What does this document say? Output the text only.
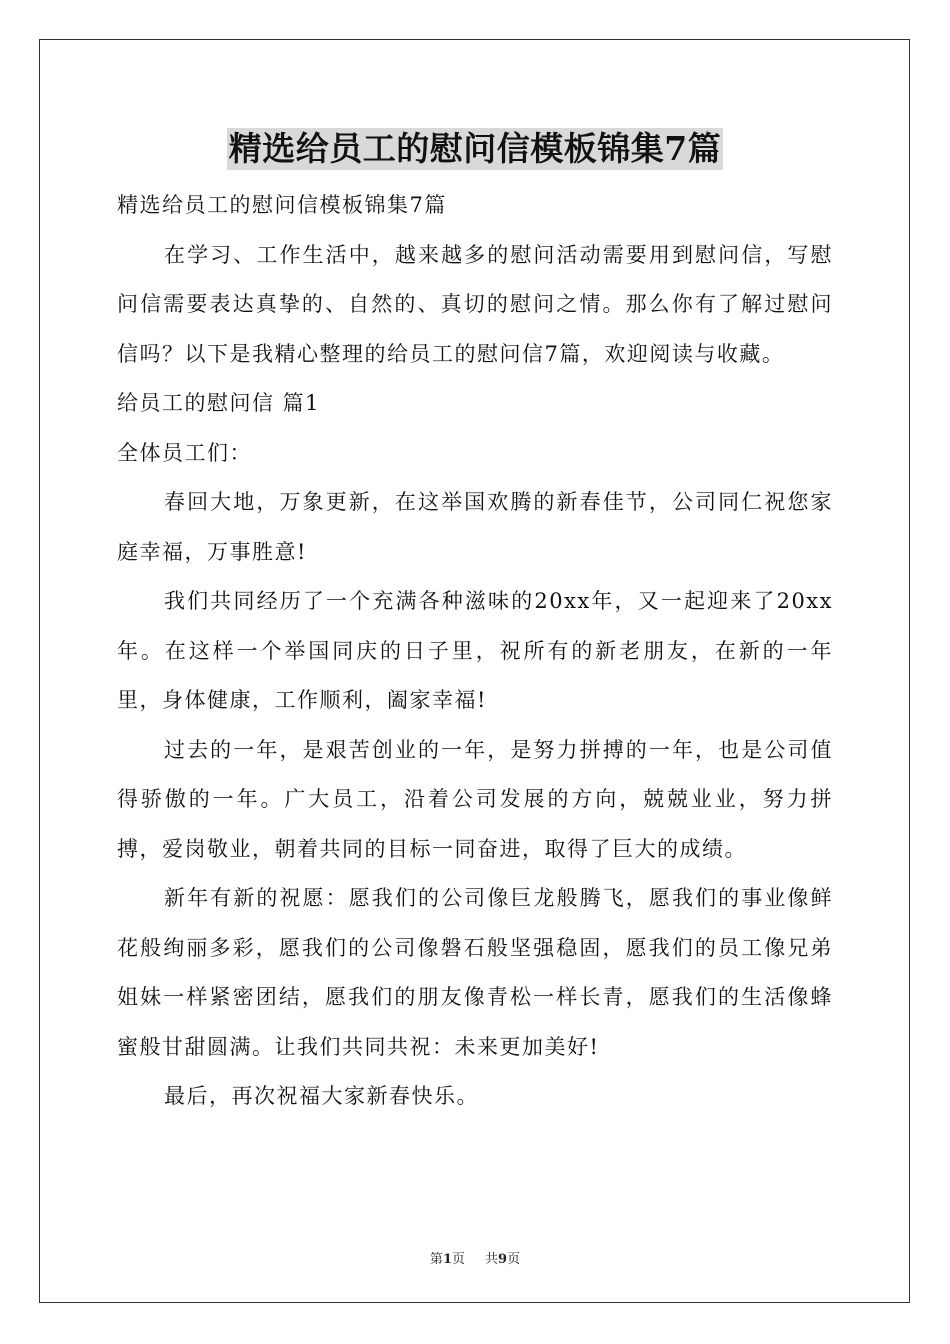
精选给员工的慰问信模板锦集7篇

精选给员工的慰问信模板锦集7篇

在学习、工作生活中，越来越多的慰问活动需要用到慰问信，写慰问信需要表达真挚的、自然的、真切的慰问之情。那么你有了解过慰问信吗？以下是我精心整理的给员工的慰问信7篇，欢迎阅读与收藏。

给员工的慰问信 篇1

全体员工们：

春回大地，万象更新，在这举国欢腾的新春佳节，公司同仁祝您家庭幸福，万事胜意!

我们共同经历了一个充满各种滋味的20xx年，又一起迎来了20xx年。在这样一个举国同庆的日子里，祝所有的新老朋友，在新的一年里，身体健康，工作顺利，阖家幸福!

过去的一年，是艰苦创业的一年，是努力拼搏的一年，也是公司值得骄傲的一年。广大员工，沿着公司发展的方向，兢兢业业，努力拼搏，爱岗敬业，朝着共同的目标一同奋进，取得了巨大的成绩。

新年有新的祝愿：愿我们的公司像巨龙般腾飞，愿我们的事业像鲜花般绚丽多彩，愿我们的公司像磐石般坚强稳固，愿我们的员工像兄弟姐妹一样紧密团结，愿我们的朋友像青松一样长青，愿我们的生活像蜂蜜般甘甜圆满。让我们共同共祝：未来更加美好!

最后，再次祝福大家新春快乐。

第1页 共9页
